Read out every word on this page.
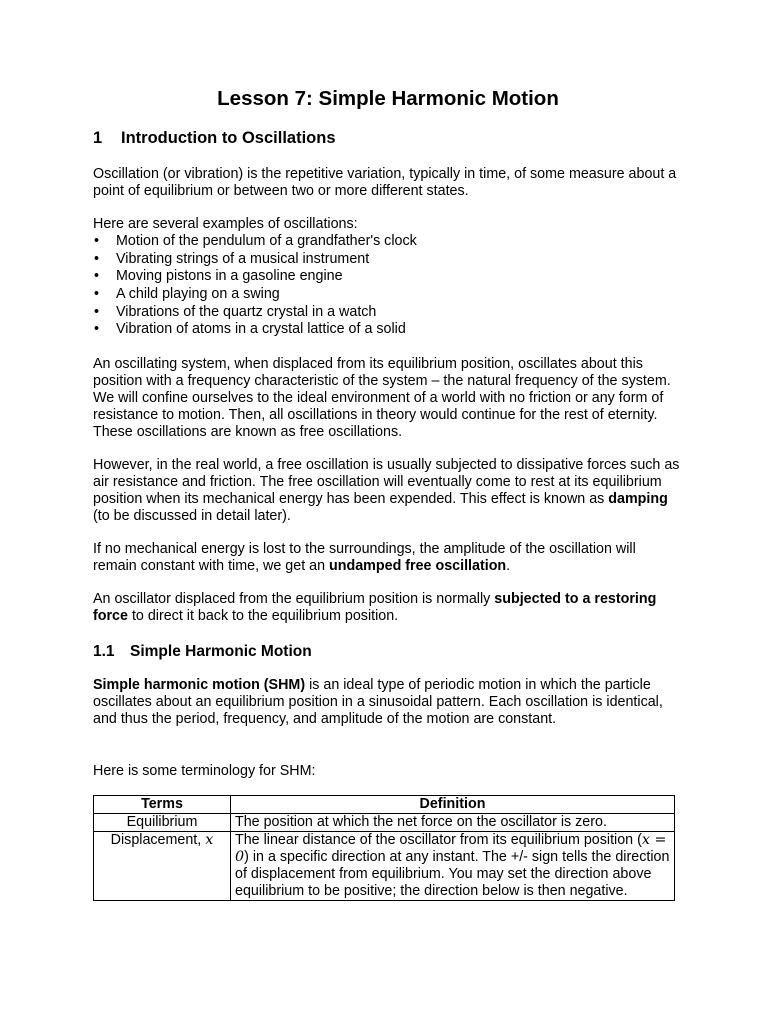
Lesson 7: Simple Harmonic Motion
1 Introduction to Oscillations

Oscillation (or vibration) is the repetitive variation, typically in time, of some measure about a point of equilibrium or between two or more different states.

Here are several examples of oscillations:

• Motion of the pendulum of a grandfather's clock
• Vibrating strings of a musical instrument
• Moving pistons in a gasoline engine
• A child playing on a swing
• Vibrations of the quartz crystal in a watch
• Vibration of atoms in a crystal lattice of a solid

An oscillating system, when displaced from its equilibrium position, oscillates about this position with a frequency characteristic of the system – the natural frequency of the system. We will confine ourselves to the ideal environment of a world with no friction or any form of resistance to motion. Then, all oscillations in theory would continue for the rest of eternity. These oscillations are known as free oscillations.

However, in the real world, a free oscillation is usually subjected to dissipative forces such as air resistance and friction. The free oscillation will eventually come to rest at its equilibrium position when its mechanical energy has been expended. This effect is known as damping (to be discussed in detail later).

If no mechanical energy is lost to the surroundings, the amplitude of the oscillation will remain constant with time, we get an undamped free oscillation.

An oscillator displaced from the equilibrium position is normally subjected to a restoring force to direct it back to the equilibrium position.

1.1 Simple Harmonic Motion

Simple harmonic motion (SHM) is an ideal type of periodic motion in which the particle oscillates about an equilibrium position in a sinusoidal pattern. Each oscillation is identical, and thus the period, frequency, and amplitude of the motion are constant.

Here is some terminology for SHM:

Terms	Definition
Equilibrium	The position at which the net force on the oscillator is zero.
Displacement, x	The linear distance of the oscillator from its equilibrium position (x = 0) in a specific direction at any instant. The +/- sign tells the direction of displacement from equilibrium. You may set the direction above equilibrium to be positive; the direction below is then negative.
